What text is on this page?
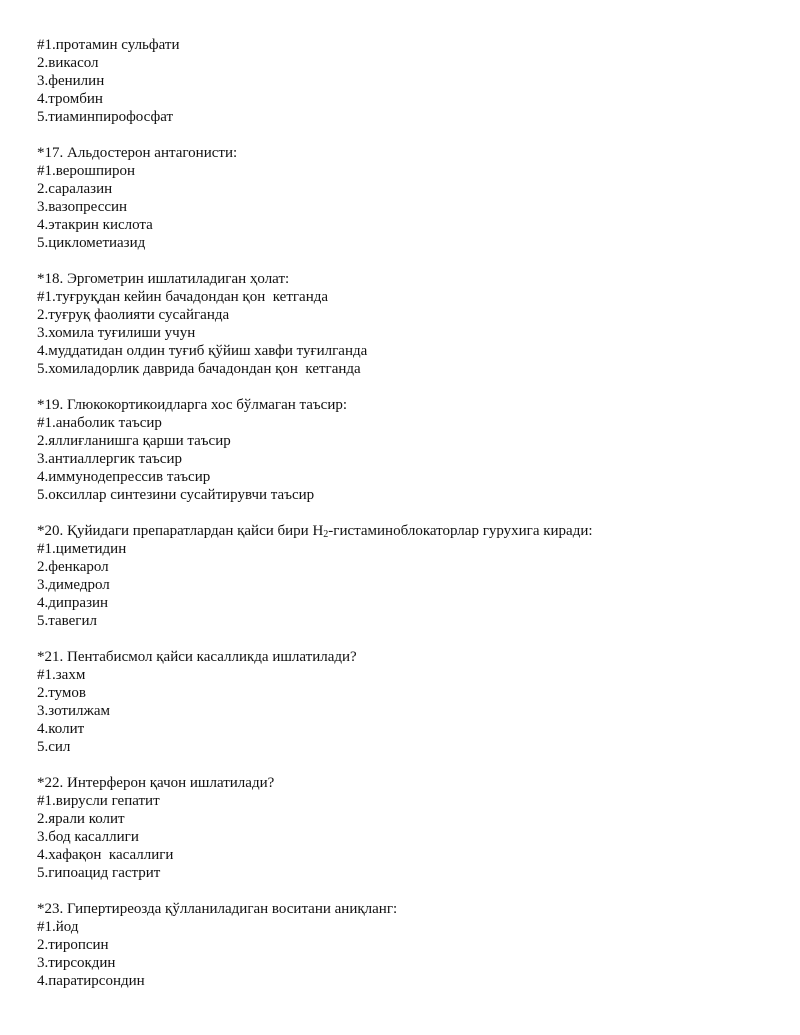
#1.протамин сульфати
2.викасол
3.фенилин
4.тромбин
5.тиаминпирофосфат
*17. Альдостерон антагонисти:
#1.верошпирон
2.саралазин
3.вазопрессин
4.этакрин кислота
5.циклометиазид
*18. Эргометрин ишлатиладиган ҳолат:
#1.туғруқдан кейин бачадондан қон  кетганда
2.туғруқ фаолияти сусайганда
3.хомила туғилиши учун
4.муддатидан олдин туғиб қўйиш хавфи туғилганда
5.хомиладорлик даврида бачадондан қон  кетганда
*19. Глюкокортикоидларга хос бўлмаган таъсир:
#1.анаболик таъсир
2.яллиғланишга қарши таъсир
3.антиаллергик таъсир
4.иммунодепрессив таъсир
5.оксиллар синтезини сусайтирувчи таъсир
*20. Қуйидаги препаратлардан қайси бири $H_2$-гистаминоблокаторлар гурухига киради:
#1.циметидин
2.фенкарол
3.димедрол
4.дипразин
5.тавегил
*21. Пентабисмол қайси касалликда ишлатилади?
#1.захм
2.тумов
3.зотилжам
4.колит
5.сил
*22. Интерферон қачон ишлатилади?
#1.вирусли гепатит
2.ярали колит
3.бод касаллиги
4.хафақон  касаллиги
5.гипоацид гастрит
*23. Гипертиреозда қўлланиладиган воситани аниқланг:
#1.йод
2.тиропсин
3.тирсокдин
4.паратирсондин
